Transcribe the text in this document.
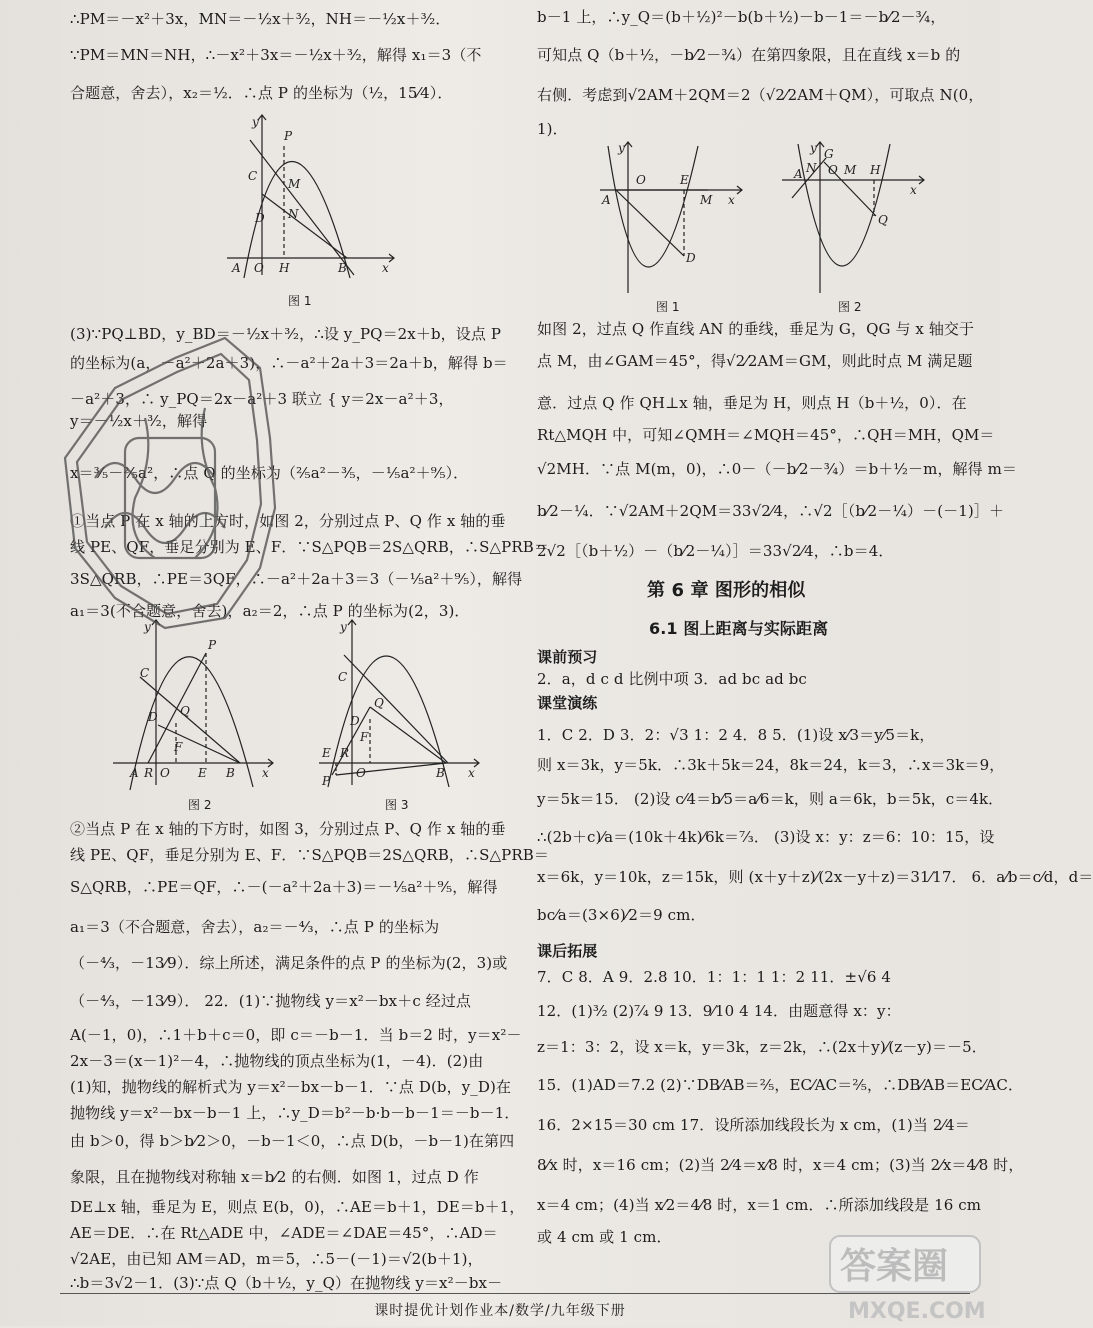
∴PM＝－x²＋3x，MN＝－½x＋³⁄₂，NH＝－½x＋³⁄₂．
∵PM＝MN＝NH，∴－x²＋3x＝－½x＋³⁄₂，解得 x₁＝3（不
合题意，舍去），x₂＝½．∴点 P 的坐标为（½，15⁄4）．
(3)∵PQ⊥BD，y_BD＝－½x＋³⁄₂，∴设 y_PQ＝2x＋b，设点 P
的坐标为(a，－a²＋2a＋3)，∴－a²＋2a＋3＝2a＋b，解得 b＝
－a²＋3，∴ y_PQ＝2x－a²＋3 联立 { y＝2x－a²＋3，
y＝－½x＋³⁄₂，解得
x＝⅗－⅖a²，∴点 Q 的坐标为（⅖a²－⅗，－⅕a²＋⁹⁄₅）．
①当点 P 在 x 轴的上方时，如图 2，分别过点 P、Q 作 x 轴的垂
线 PE、QF，垂足分别为 E、F．∵S△PQB＝2S△QRB，∴S△PRB＝
3S△QRB，∴PE＝3QF，∴－a²＋2a＋3＝3（－⅕a²＋⁹⁄₅），解得
a₁＝3(不合题意，舍去)，a₂＝2，∴点 P 的坐标为(2，3)．
②当点 P 在 x 轴的下方时，如图 3，分别过点 P、Q 作 x 轴的垂
线 PE、QF，垂足分别为 E、F．∵S△PQB＝2S△QRB，∴S△PRB＝
S△QRB，∴PE＝QF，∴－(－a²＋2a＋3)＝－⅕a²＋⁹⁄₅，解得
a₁＝3（不合题意，舍去），a₂＝－⁴⁄₃，∴点 P 的坐标为
（－⁴⁄₃，－13⁄9）．综上所述，满足条件的点 P 的坐标为(2，3)或
（－⁴⁄₃，－13⁄9）． 22．(1)∵抛物线 y＝x²－bx＋c 经过点
A(－1，0)，∴1＋b＋c＝0，即 c＝－b－1．当 b＝2 时，y＝x²－
2x－3＝(x－1)²－4，∴抛物线的顶点坐标为(1，－4)．(2)由
(1)知，抛物线的解析式为 y＝x²－bx－b－1．∵点 D(b，y_D)在
抛物线 y＝x²－bx－b－1 上，∴y_D＝b²－b·b－b－1＝－b－1．
由 b＞0，得 b＞b⁄2＞0，－b－1＜0，∴点 D(b，－b－1)在第四
象限，且在抛物线对称轴 x＝b⁄2 的右侧．如图 1，过点 D 作
DE⊥x 轴，垂足为 E，则点 E(b，0)，∴AE＝b＋1，DE＝b＋1，
AE＝DE．∴在 Rt△ADE 中，∠ADE＝∠DAE＝45°，∴AD＝
√2AE，由已知 AM＝AD，m＝5，∴5－(－1)＝√2(b＋1)，
∴b＝3√2－1．(3)∵点 Q（b＋½，y_Q）在抛物线 y＝x²－bx－
y
P
C
M
N
D
A O H	B	x
图 1
y
P
C
Q
D
F
A R O E B x
图 2
y
C
Q
D
F
E R
O
P
B x
图 3
b－1 上，∴y_Q＝(b＋½)²－b(b＋½)－b－1＝－b⁄2－¾，
可知点 Q（b＋½，－b⁄2－¾）在第四象限，且在直线 x＝b 的
右侧．考虑到√2AM＋2QM＝2（√2⁄2AM＋QM），可取点 N(0，
1)．
如图 2，过点 Q 作直线 AN 的垂线，垂足为 G，QG 与 x 轴交于
点 M，由∠GAM＝45°，得√2⁄2AM＝GM，则此时点 M 满足题
意．过点 Q 作 QH⊥x 轴，垂足为 H，则点 H（b＋½，0）．在
Rt△MQH 中，可知∠QMH＝∠MQH＝45°，∴QH＝MH，QM＝
√2MH．∵点 M(m，0)，∴0－（－b⁄2－¾）＝b＋½－m，解得 m＝
b⁄2－¼．∵√2AM＋2QM＝33√2⁄4，∴√2［（b⁄2－¼）－(－1)］＋
2√2［（b＋½）－（b⁄2－¼）］＝33√2⁄4，∴b＝4．
第 6 章 图形的相似
6.1 图上距离与实际距离
课前预习
2．a，d c d 比例中项 3．ad bc ad bc
课堂演练
1．C 2．D 3．2：√3 1：2 4．8 5．(1)设 x⁄3＝y⁄5＝k，
则 x＝3k，y＝5k．∴3k＋5k＝24，8k＝24，k＝3，∴x＝3k＝9，
y＝5k＝15． (2)设 c⁄4＝b⁄5＝a⁄6＝k，则 a＝6k，b＝5k，c＝4k．
∴(2b＋c)⁄a＝(10k＋4k)⁄6k＝⁷⁄₃． (3)设 x：y：z＝6：10：15，设
x＝6k，y＝10k，z＝15k，则 (x＋y＋z)⁄(2x－y＋z)＝31⁄17． 6．a⁄b＝c⁄d，d＝
bc⁄a＝(3×6)⁄2＝9 cm．
课后拓展
7．C 8．A 9．2.8 10．1：1：1 1：2 11．±√6 4
12．(1)³⁄₂ (2)⁷⁄₄ 9 13．9⁄10 4 14．由题意得 x：y：
z＝1：3：2，设 x＝k，y＝3k，z＝2k，∴(2x＋y)⁄(z－y)＝－5．
15．(1)AD＝7.2 (2)∵DB⁄AB＝⅖，EC⁄AC＝⅖，∴DB⁄AB＝EC⁄AC．
16．2×15＝30 cm 17．设所添加线段长为 x cm，(1)当 2⁄4＝
8⁄x 时，x＝16 cm；(2)当 2⁄4＝x⁄8 时，x＝4 cm；(3)当 2⁄x＝4⁄8 时，
x＝4 cm；(4)当 x⁄2＝4⁄8 时，x＝1 cm．∴所添加线段是 16 cm
或 4 cm 或 1 cm．
y
O	E
A	M x
D
图 1
y G
N
A O M H
x
Q
图 2
答案圈
MXQE.COM
课时提优计划作业本/数学/九年级下册
